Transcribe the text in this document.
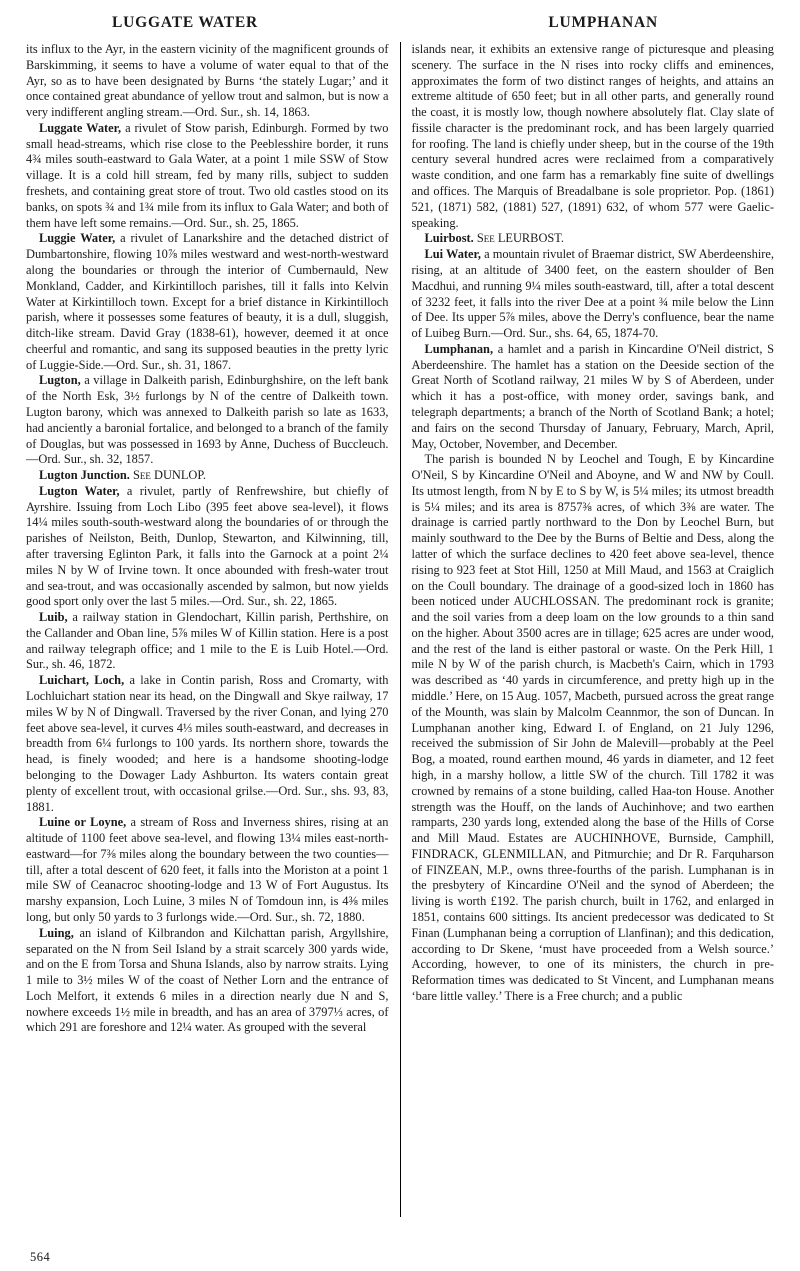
LUGGATE WATER	LUMPHANAN

its influx to the Ayr, in the eastern vicinity of the magnificent grounds of Barskimming, it seems to have a volume of water equal to that of the Ayr, so as to have been designated by Burns ‘the stately Lugar;’ and it once contained great abundance of yellow trout and salmon, but is now a very indifferent angling stream.—Ord. Sur., sh. 14, 1863.

Luggate Water, a rivulet of Stow parish, Edinburgh. Formed by two small head-streams, which rise close to the Peeblesshire border, it runs 4¾ miles south-eastward to Gala Water, at a point 1 mile SSW of Stow village. It is a cold hill stream, fed by many rills, subject to sudden freshets, and containing great store of trout. Two old castles stood on its banks, on spots ¾ and 1¾ mile from its influx to Gala Water; and both of them have left some remains.—Ord. Sur., sh. 25, 1865.

Luggie Water, a rivulet of Lanarkshire and the detached district of Dumbartonshire, flowing 10⅞ miles westward and west-north-westward along the boundaries or through the interior of Cumbernauld, New Monkland, Cadder, and Kirkintilloch parishes, till it falls into Kelvin Water at Kirkintilloch town. Except for a brief distance in Kirkintilloch parish, where it possesses some features of beauty, it is a dull, sluggish, ditch-like stream. David Gray (1838-61), however, deemed it at once cheerful and romantic, and sang its supposed beauties in the pretty lyric of Luggie-Side.—Ord. Sur., sh. 31, 1867.

Lugton, a village in Dalkeith parish, Edinburghshire, on the left bank of the North Esk, 3½ furlongs by N of the centre of Dalkeith town. Lugton barony, which was annexed to Dalkeith parish so late as 1633, had anciently a baronial fortalice, and belonged to a branch of the family of Douglas, but was possessed in 1693 by Anne, Duchess of Buccleuch.—Ord. Sur., sh. 32, 1857.

Lugton Junction. See DUNLOP.

Lugton Water, a rivulet, partly of Renfrewshire, but chiefly of Ayrshire. Issuing from Loch Libo (395 feet above sea-level), it flows 14¼ miles south-south-westward along the boundaries of or through the parishes of Neilston, Beith, Dunlop, Stewarton, and Kilwinning, till, after traversing Eglinton Park, it falls into the Garnock at a point 2¼ miles N by W of Irvine town. It once abounded with fresh-water trout and sea-trout, and was occasionally ascended by salmon, but now yields good sport only over the last 5 miles.—Ord. Sur., sh. 22, 1865.

Luib, a railway station in Glendochart, Killin parish, Perthshire, on the Callander and Oban line, 5⅞ miles W of Killin station. Here is a post and railway telegraph office; and 1 mile to the E is Luib Hotel.—Ord. Sur., sh. 46, 1872.

Luichart, Loch, a lake in Contin parish, Ross and Cromarty, with Lochluichart station near its head, on the Dingwall and Skye railway, 17 miles W by N of Dingwall. Traversed by the river Conan, and lying 270 feet above sea-level, it curves 4⅓ miles south-eastward, and decreases in breadth from 6¼ furlongs to 100 yards. Its northern shore, towards the head, is finely wooded; and here is a handsome shooting-lodge belonging to the Dowager Lady Ashburton. Its waters contain great plenty of excellent trout, with occasional grilse.—Ord. Sur., shs. 93, 83, 1881.

Luine or Loyne, a stream of Ross and Inverness shires, rising at an altitude of 1100 feet above sea-level, and flowing 13¼ miles east-north-eastward—for 7⅜ miles along the boundary between the two counties—till, after a total descent of 620 feet, it falls into the Moriston at a point 1 mile SW of Ceanacroc shooting-lodge and 13 W of Fort Augustus. Its marshy expansion, Loch Luine, 3 miles N of Tomdoun inn, is 4⅜ miles long, but only 50 yards to 3 furlongs wide.—Ord. Sur., sh. 72, 1880.

Luing, an island of Kilbrandon and Kilchattan parish, Argyllshire, separated on the N from Seil Island by a strait scarcely 300 yards wide, and on the E from Torsa and Shuna Islands, also by narrow straits. Lying 1 mile to 3½ miles W of the coast of Nether Lorn and the entrance of Loch Melfort, it extends 6 miles in a direction nearly due N and S, nowhere exceeds 1½ mile in breadth, and has an area of 3797⅓ acres, of which 291 are foreshore and 12¼ water. As grouped with the several

islands near, it exhibits an extensive range of picturesque and pleasing scenery. The surface in the N rises into rocky cliffs and eminences, approximates the form of two distinct ranges of heights, and attains an extreme altitude of 650 feet; but in all other parts, and generally round the coast, it is mostly low, though nowhere absolutely flat. Clay slate of fissile character is the predominant rock, and has been largely quarried for roofing. The land is chiefly under sheep, but in the course of the 19th century several hundred acres were reclaimed from a comparatively waste condition, and one farm has a remarkably fine suite of dwellings and offices. The Marquis of Breadalbane is sole proprietor. Pop. (1861) 521, (1871) 582, (1881) 527, (1891) 632, of whom 577 were Gaelic-speaking.

Luirbost. See LEURBOST.

Lui Water, a mountain rivulet of Braemar district, SW Aberdeenshire, rising, at an altitude of 3400 feet, on the eastern shoulder of Ben Macdhui, and running 9¼ miles south-eastward, till, after a total descent of 3232 feet, it falls into the river Dee at a point ¾ mile below the Linn of Dee. Its upper 5⅞ miles, above the Derry's confluence, bear the name of Luibeg Burn.—Ord. Sur., shs. 64, 65, 1874-70.

Lumphanan, a hamlet and a parish in Kincardine O'Neil district, S Aberdeenshire. The hamlet has a station on the Deeside section of the Great North of Scotland railway, 21 miles W by S of Aberdeen, under which it has a post-office, with money order, savings bank, and telegraph departments; a branch of the North of Scotland Bank; a hotel; and fairs on the second Thursday of January, February, March, April, May, October, November, and December.

The parish is bounded N by Leochel and Tough, E by Kincardine O'Neil, S by Kincardine O'Neil and Aboyne, and W and NW by Coull. Its utmost length, from N by E to S by W, is 5¼ miles; its utmost breadth is 5¼ miles; and its area is 8757⅜ acres, of which 3⅜ are water. The drainage is carried partly northward to the Don by Leochel Burn, but mainly southward to the Dee by the Burns of Beltie and Dess, along the latter of which the surface declines to 420 feet above sea-level, thence rising to 923 feet at Stot Hill, 1250 at Mill Maud, and 1563 at Craiglich on the Coull boundary. The drainage of a good-sized loch in 1860 has been noticed under AUCHLOSSAN. The predominant rock is granite; and the soil varies from a deep loam on the low grounds to a thin sand on the higher. About 3500 acres are in tillage; 625 acres are under wood, and the rest of the land is either pastoral or waste. On the Perk Hill, 1 mile N by W of the parish church, is Macbeth's Cairn, which in 1793 was described as ‘40 yards in circumference, and pretty high up in the middle.’ Here, on 15 Aug. 1057, Macbeth, pursued across the great range of the Mounth, was slain by Malcolm Ceannmor, the son of Duncan. In Lumphanan another king, Edward I. of England, on 21 July 1296, received the submission of Sir John de Malevill—probably at the Peel Bog, a moated, round earthen mound, 46 yards in diameter, and 12 feet high, in a marshy hollow, a little SW of the church. Till 1782 it was crowned by remains of a stone building, called Haa-ton House. Another strength was the Houff, on the lands of Auchinhove; and two earthen ramparts, 230 yards long, extended along the base of the Hills of Corse and Mill Maud. Estates are AUCHINHOVE, Burnside, Camphill, FINDRACK, GLENMILLAN, and Pitmurchie; and Dr R. Farquharson of FINZEAN, M.P., owns three-fourths of the parish. Lumphanan is in the presbytery of Kincardine O'Neil and the synod of Aberdeen; the living is worth £192. The parish church, built in 1762, and enlarged in 1851, contains 600 sittings. Its ancient predecessor was dedicated to St Finan (Lumphanan being a corruption of Llanfinan); and this dedication, according to Dr Skene, ‘must have proceeded from a Welsh source.’ According, however, to one of its ministers, the church in pre-Reformation times was dedicated to St Vincent, and Lumphanan means ‘bare little valley.’ There is a Free church; and a public

564
